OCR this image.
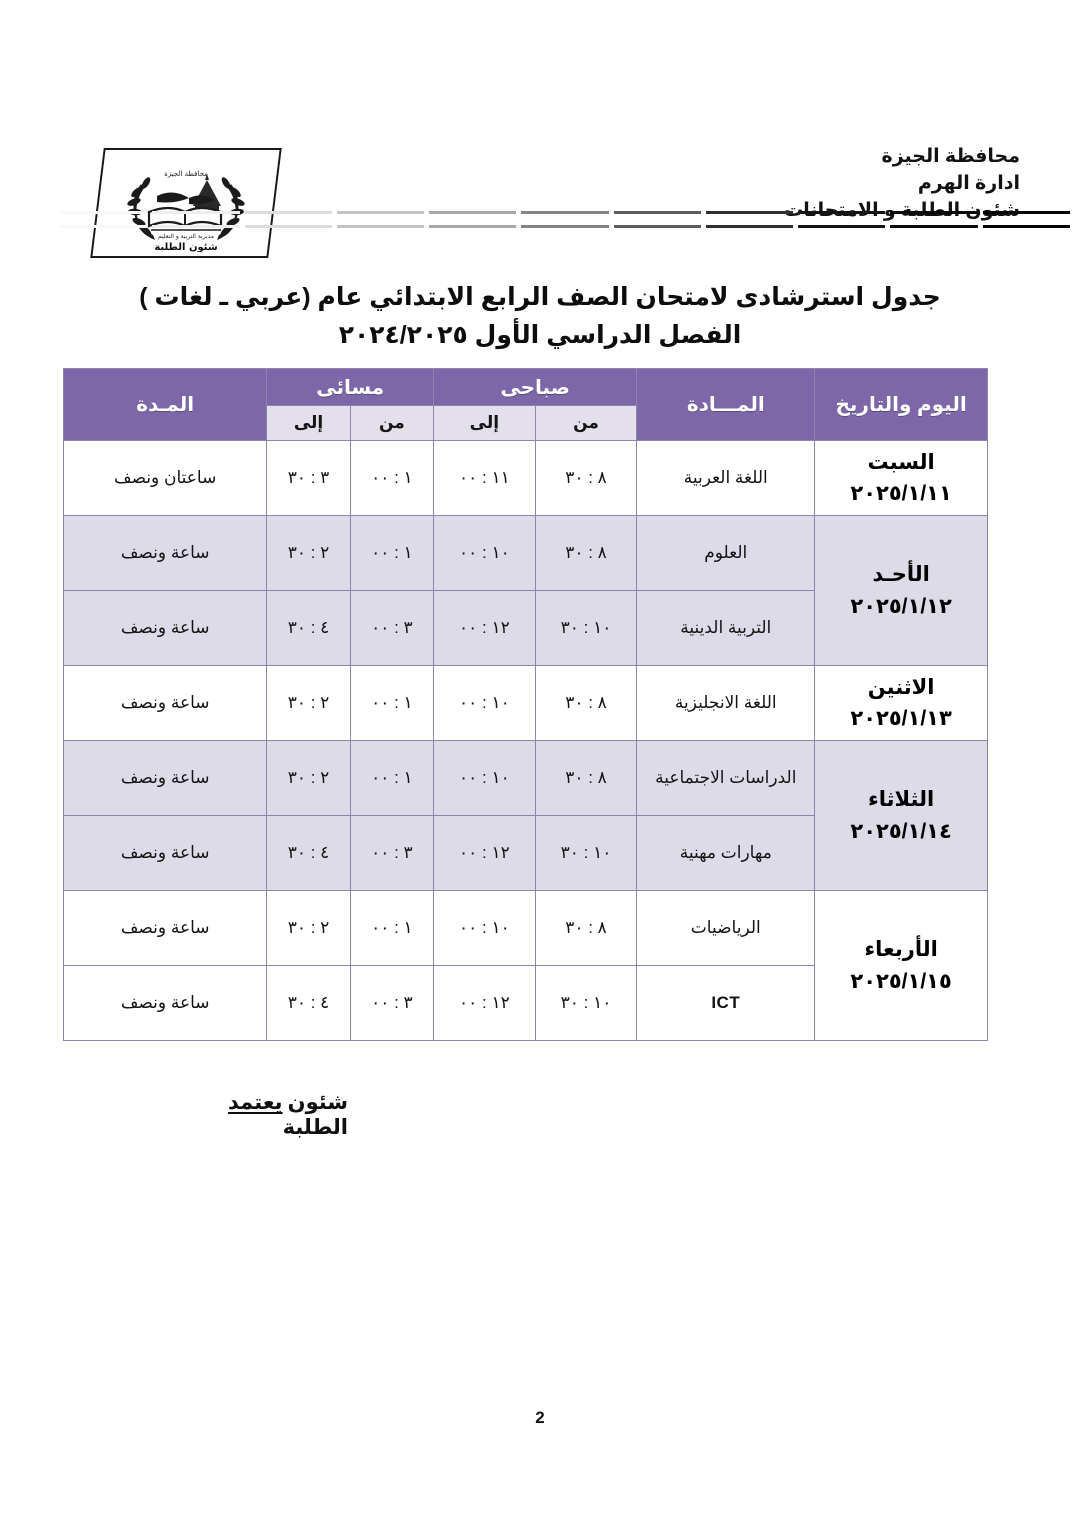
محافظة الجيزة
مديرية التربية و التعليم
شئون الطلبة
محافظة الجيزة
ادارة الهرم
شئون الطلبة و الامتحانات
جدول استرشادى لامتحان الصف الرابع الابتدائي عام (عربي ـ لغات )
الفصل الدراسي الأول ٢٠٢٤/٢٠٢٥
اليوم والتاريخ	المـــادة	صباحى		مسائى		المـدة
		من	إلى	من	إلى	

السبت
٢٠٢٥/١/١١	اللغة العربية	٨ : ٣٠	١١ : ٠٠	١ : ٠٠	٣ : ٣٠	ساعتان ونصف

الأحـد
٢٠٢٥/١/١٢	العلوم	٨ : ٣٠	١٠ : ٠٠	١ : ٠٠	٢ : ٣٠	ساعة ونصف
	التربية الدينية	١٠ : ٣٠	١٢ : ٠٠	٣ : ٠٠	٤ : ٣٠	ساعة ونصف

الاثنين
٢٠٢٥/١/١٣	اللغة الانجليزية	٨ : ٣٠	١٠ : ٠٠	١ : ٠٠	٢ : ٣٠	ساعة ونصف

الثلاثاء
٢٠٢٥/١/١٤	الدراسات الاجتماعية	٨ : ٣٠	١٠ : ٠٠	١ : ٠٠	٢ : ٣٠	ساعة ونصف
	مهارات مهنية	١٠ : ٣٠	١٢ : ٠٠	٣ : ٠٠	٤ : ٣٠	ساعة ونصف

الأربعاء
٢٠٢٥/١/١٥	الرياضيات	٨ : ٣٠	١٠ : ٠٠	١ : ٠٠	٢ : ٣٠	ساعة ونصف
	ICT	١٠ : ٣٠	١٢ : ٠٠	٣ : ٠٠	٤ : ٣٠	ساعة ونصف
شئون الطلبة
يعتمد
2
